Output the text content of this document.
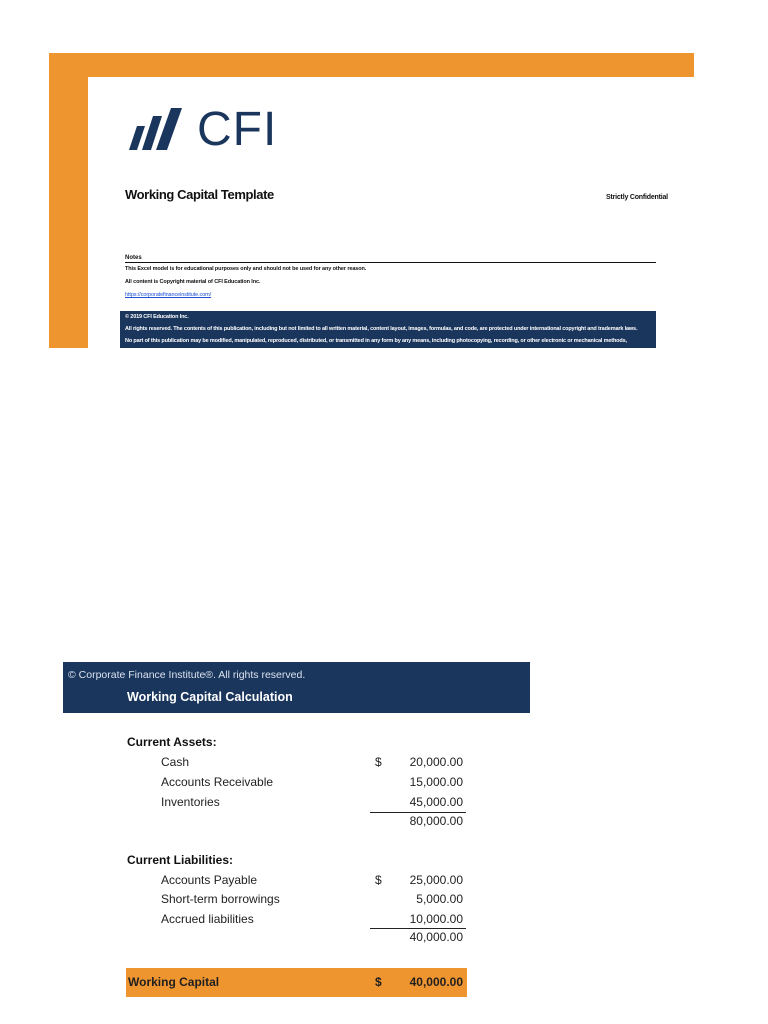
CFI
Working Capital Template	Strictly Confidential
Notes
This Excel model is for educational purposes only and should not be used for any other reason.
All content is Copyright material of CFI Education Inc.
https://corporatefinanceinstitute.com/
© 2019 CFI Education Inc.
All rights reserved. The contents of this publication, including but not limited to all written material, content layout, images, formulas, and code, are protected under international copyright and trademark laws.
No part of this publication may be modified, manipulated, reproduced, distributed, or transmitted in any form by any means, including photocopying, recording, or other electronic or mechanical methods,
© Corporate Finance Institute®. All rights reserved.
Working Capital Calculation
Current Assets:
Cash	$	20,000.00
Accounts Receivable	15,000.00
Inventories	45,000.00
80,000.00
Current Liabilities:
Accounts Payable	$	25,000.00
Short-term borrowings	5,000.00
Accrued liabilities	10,000.00
40,000.00
Working Capital	$	40,000.00
